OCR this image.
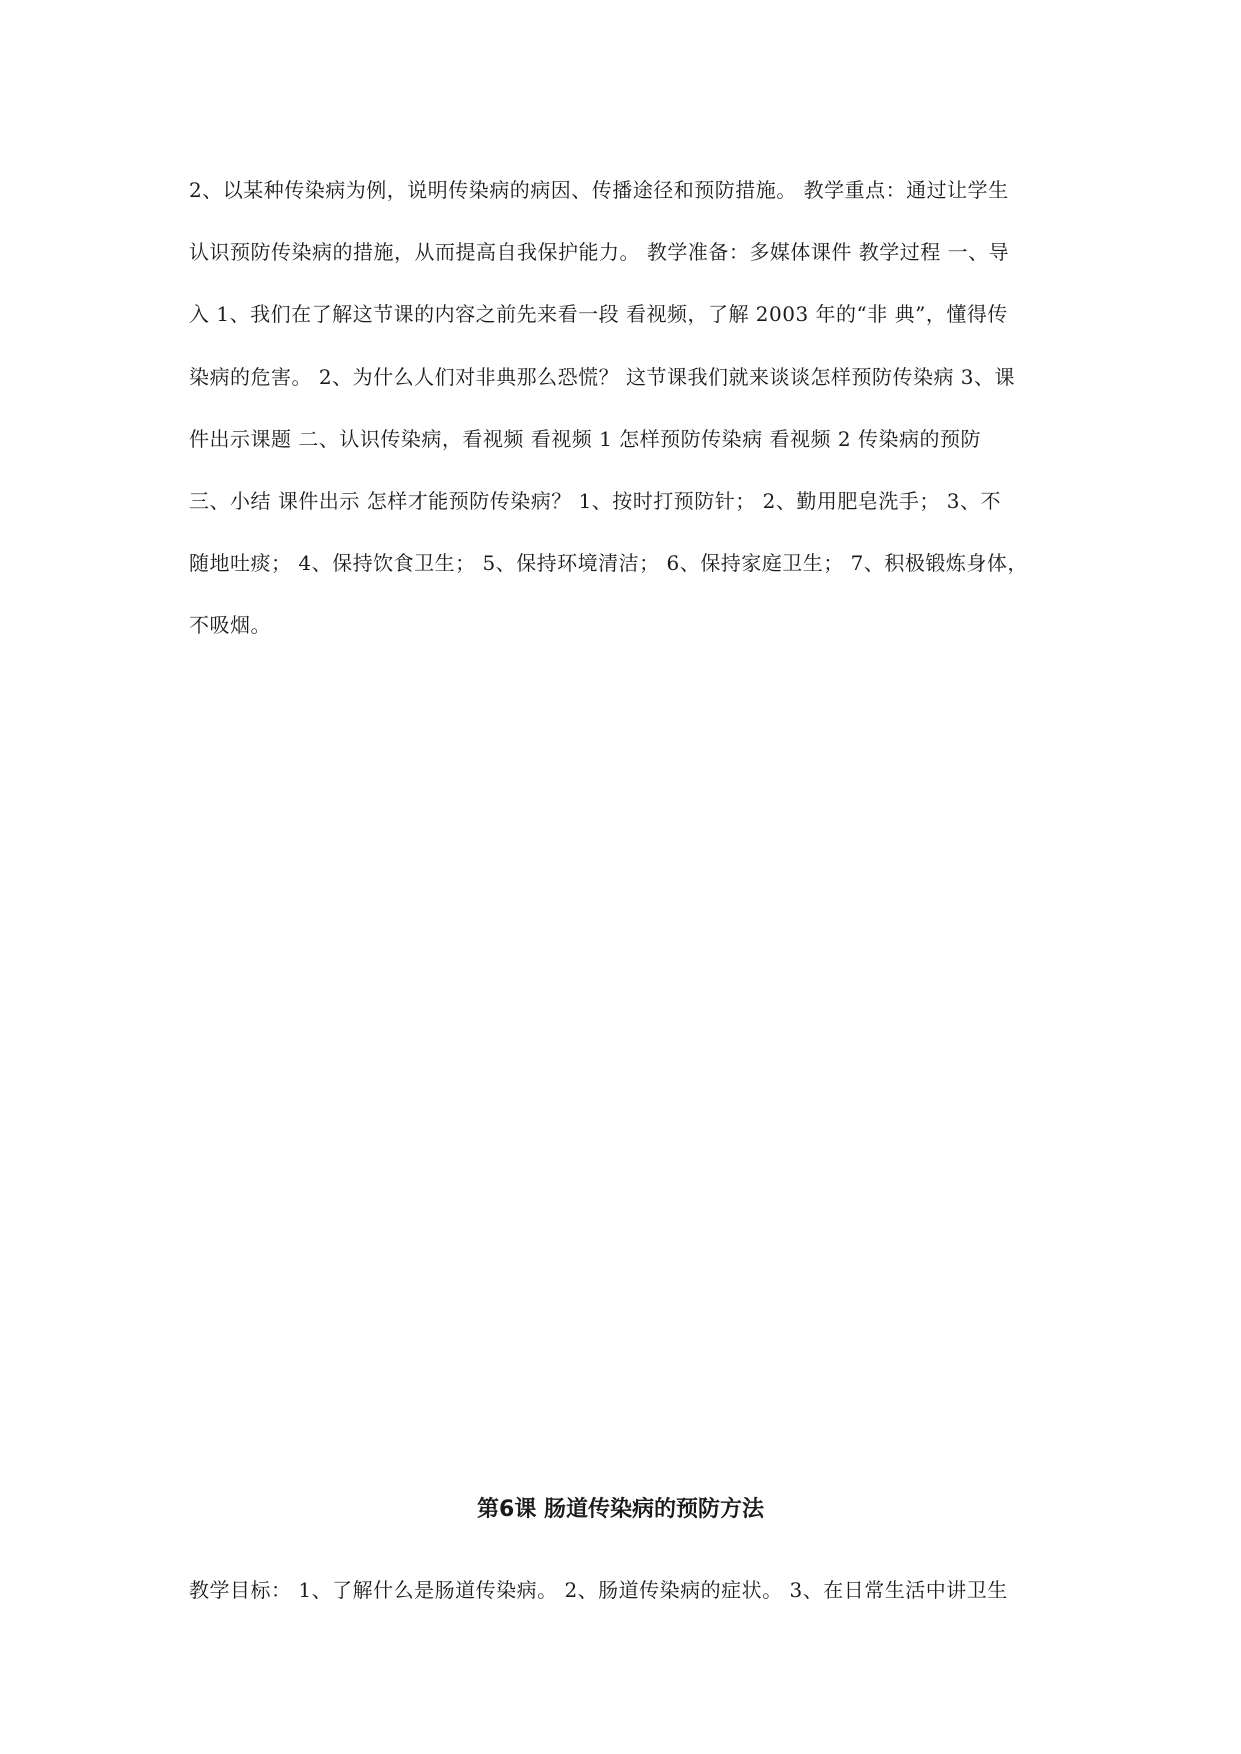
2、以某种传染病为例，说明传染病的病因、传播途径和预防措施。 教学重点：通过让学生
认识预防传染病的措施，从而提高自我保护能力。 教学准备：多媒体课件 教学过程 一、导
入 1、我们在了解这节课的内容之前先来看一段 看视频，了解 2003 年的“非 典”，懂得传
染病的危害。 2、为什么人们对非典那么恐慌？ 这节课我们就来谈谈怎样预防传染病 3、课
件出示课题 二、认识传染病，看视频 看视频 1 怎样预防传染病 看视频 2 传染病的预防
三、小结 课件出示 怎样才能预防传染病？ 1、按时打预防针； 2、勤用肥皂洗手； 3、不
随地吐痰； 4、保持饮食卫生； 5、保持环境清洁； 6、保持家庭卫生； 7、积极锻炼身体，
不吸烟。
第6课 肠道传染病的预防方法
教学目标： 1、了解什么是肠道传染病。 2、肠道传染病的症状。 3、在日常生活中讲卫生
